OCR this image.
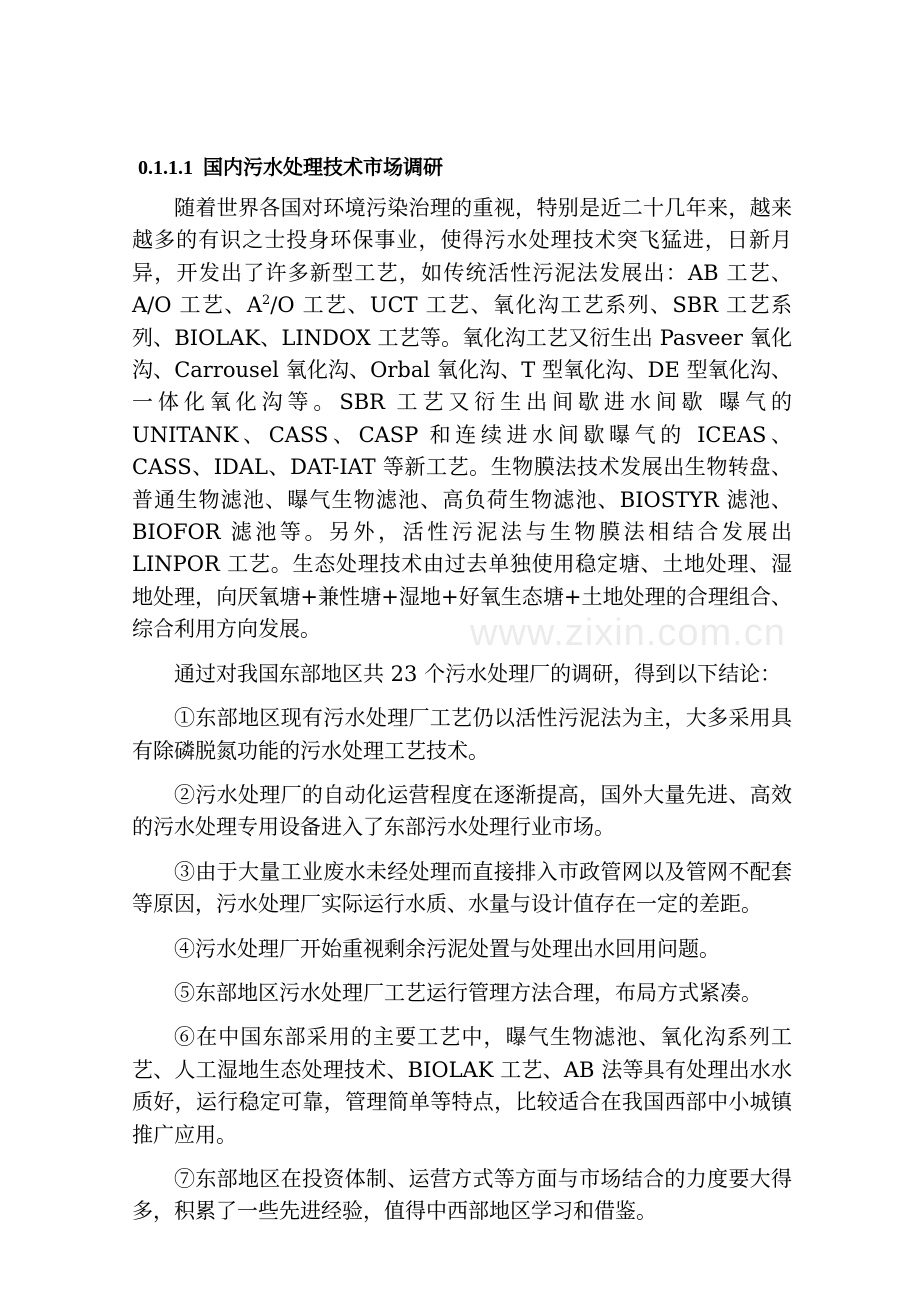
0.1.1.1 国内污水处理技术市场调研

随着世界各国对环境污染治理的重视，特别是近二十几年来，越来越多的有识之士投身环保事业，使得污水处理技术突飞猛进，日新月异，开发出了许多新型工艺，如传统活性污泥法发展出：AB 工艺、A/O 工艺、$A^2/O$ 工艺、UCT 工艺、氧化沟工艺系列、SBR 工艺系列、BIOLAK、LINDOX 工艺等。氧化沟工艺又衍生出 Pasveer 氧化沟、Carrousel 氧化沟、Orbal 氧化沟、T 型氧化沟、DE 型氧化沟、一体化氧化沟等。SBR 工艺又衍生出间歇进水间歇 曝气的 UNITANK、CASS、CASP 和连续进水间歇曝气的 ICEAS、CASS、IDAL、DAT-IAT 等新工艺。生物膜法技术发展出生物转盘、普通生物滤池、曝气生物滤池、高负荷生物滤池、BIOSTYR 滤池、BIOFOR 滤池等。另外，活性污泥法与生物膜法相结合发展出 LINPOR 工艺。生态处理技术由过去单独使用稳定塘、土地处理、湿地处理，向厌氧塘+兼性塘+湿地+好氧生态塘+土地处理的合理组合、综合利用方向发展。

通过对我国东部地区共 23 个污水处理厂的调研，得到以下结论：

①东部地区现有污水处理厂工艺仍以活性污泥法为主，大多采用具有除磷脱氮功能的污水处理工艺技术。

②污水处理厂的自动化运营程度在逐渐提高，国外大量先进、高效的污水处理专用设备进入了东部污水处理行业市场。

③由于大量工业废水未经处理而直接排入市政管网以及管网不配套等原因，污水处理厂实际运行水质、水量与设计值存在一定的差距。

④污水处理厂开始重视剩余污泥处置与处理出水回用问题。

⑤东部地区污水处理厂工艺运行管理方法合理，布局方式紧凑。

⑥在中国东部采用的主要工艺中，曝气生物滤池、氧化沟系列工艺、人工湿地生态处理技术、BIOLAK 工艺、AB 法等具有处理出水水质好，运行稳定可靠，管理简单等特点，比较适合在我国西部中小城镇推广应用。

⑦东部地区在投资体制、运营方式等方面与市场结合的力度要大得多，积累了一些先进经验，值得中西部地区学习和借鉴。

www.zixin.com.cn
